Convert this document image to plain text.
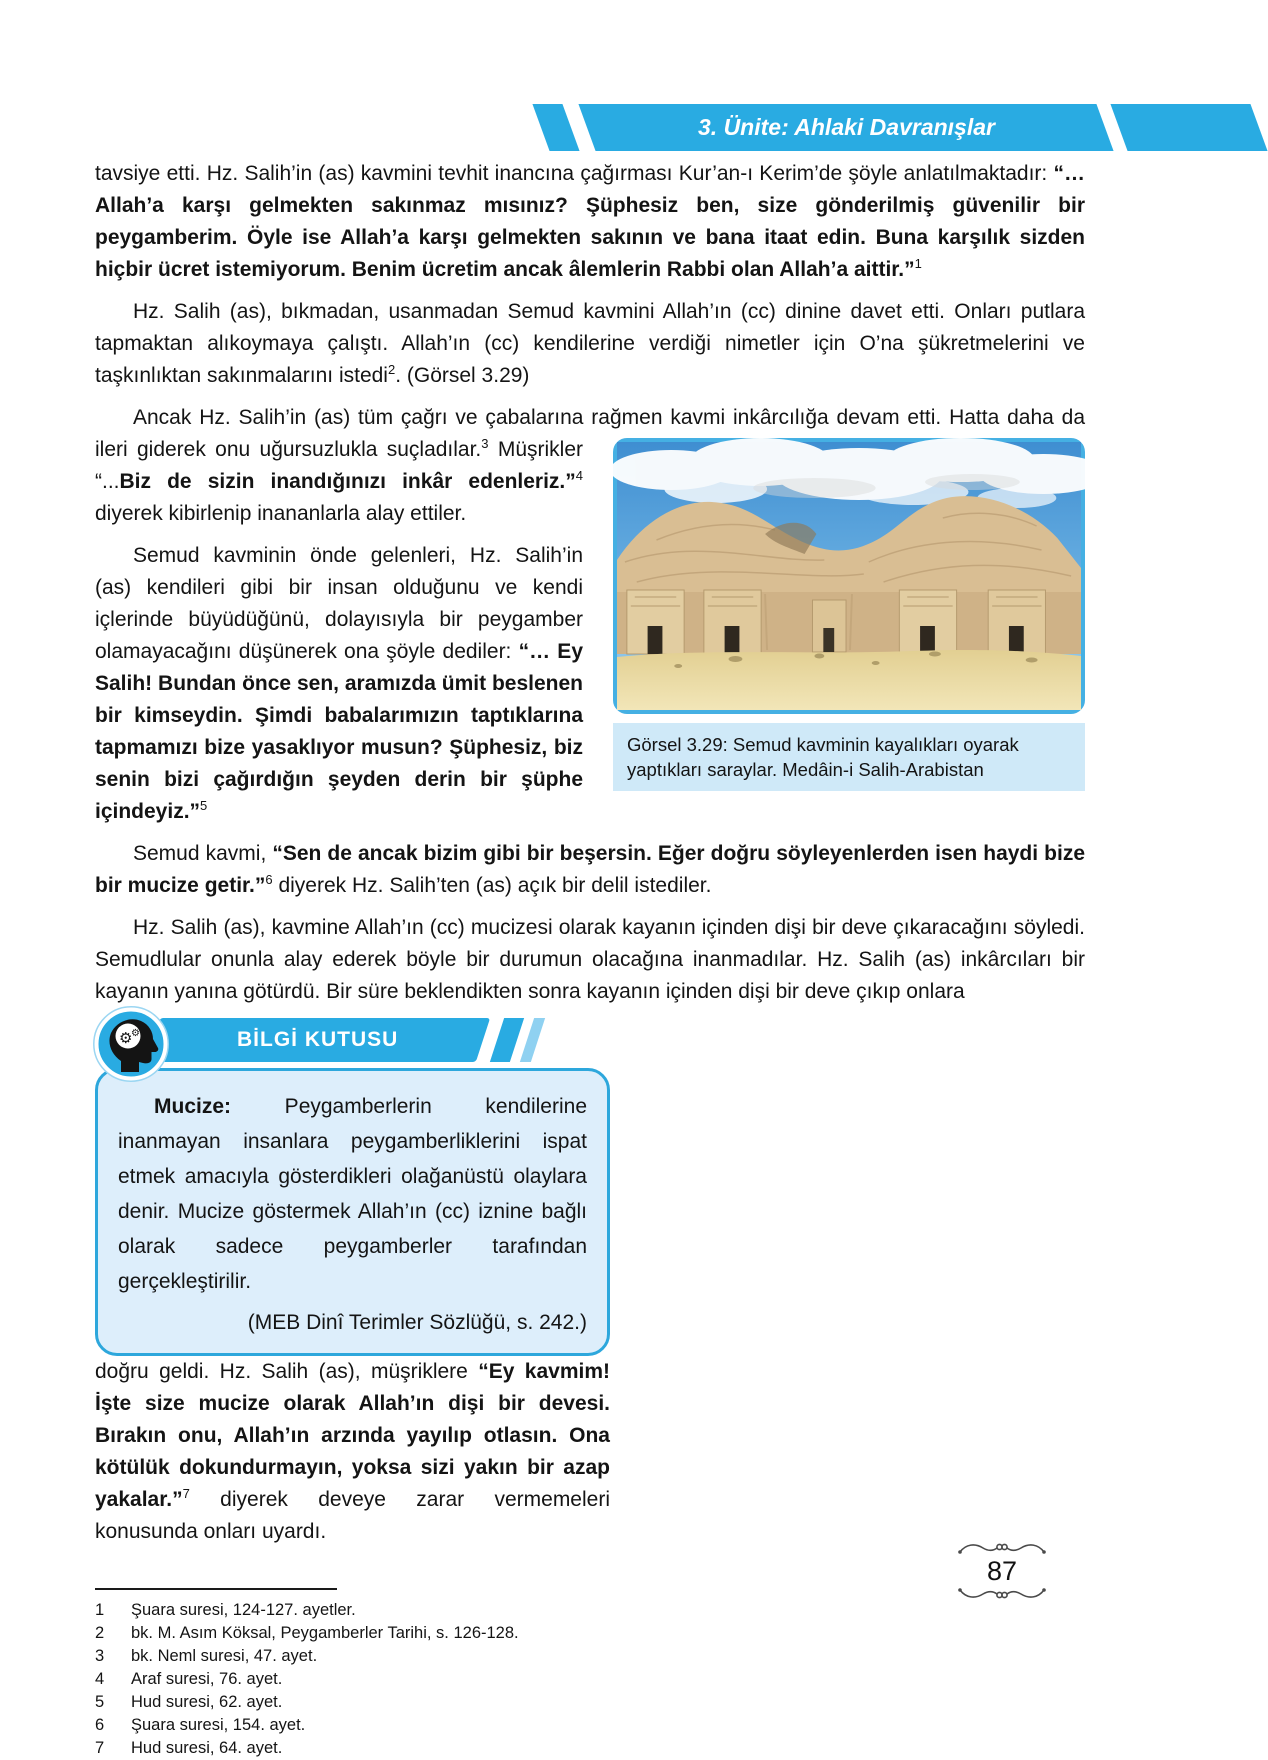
3. Ünite: Ahlaki Davranışlar

tavsiye etti. Hz. Salih’in (as) kavmini tevhit inancına çağırması Kur’an-ı Kerim’de şöyle anlatılmaktadır: “…Allah’a karşı gelmekten sakınmaz mısınız? Şüphesiz ben, size gönderilmiş güvenilir bir peygamberim. Öyle ise Allah’a karşı gelmekten sakının ve bana itaat edin. Buna karşılık sizden hiçbir ücret istemiyorum. Benim ücretim ancak âlemlerin Rabbi olan Allah’a aittir.”$^1$

Hz. Salih (as), bıkmadan, usanmadan Semud kavmini Allah’ın (cc) dinine davet etti. Onları putlara tapmaktan alıkoymaya çalıştı. Allah’ın (cc) kendilerine verdiği nimetler için O’na şükretmelerini ve taşkınlıktan sakınmalarını istedi$^2$. (Görsel 3.29)

Ancak Hz. Salih’in (as) tüm çağrı ve çabalarına rağmen kavmi inkârcılığa devam etti. Hatta daha da
Görsel 3.29: Semud kavminin kayalıkları oyarak yaptıkları saraylar. Medâin-i Salih-Arabistan
ileri giderek onu uğursuzlukla suçladılar.$^3$ Müşrikler “...Biz de sizin inandığınızı inkâr edenleriz.”$^4$ diyerek kibirlenip inananlarla alay ettiler.

Semud kavminin önde gelenleri, Hz. Salih’in (as) kendileri gibi bir insan olduğunu ve kendi içlerinde büyüdüğünü, dolayısıyla bir peygamber olamayacağını düşünerek ona şöyle dediler: “… Ey Salih! Bundan önce sen, aramızda ümit beslenen bir kimseydin. Şimdi babalarımızın taptıklarına tapmamızı bize yasaklıyor musun? Şüphesiz, biz senin bizi çağırdığın şeyden derin bir şüphe içindeyiz.”$^5$

Semud kavmi, “Sen de ancak bizim gibi bir beşersin. Eğer doğru söyleyenlerden isen haydi bize bir mucize getir.”$^6$ diyerek Hz. Salih’ten (as) açık bir delil istediler.

Hz. Salih (as), kavmine Allah’ın (cc) mucizesi olarak kayanın içinden dişi bir deve çıkaracağını söyledi. Semudlular onunla alay ederek böyle bir durumun olacağına inanmadılar. Hz. Salih (as) inkârcıları bir kayanın yanına götürdü. Bir süre beklendikten sonra kayanın içinden dişi bir deve çıkıp onlara
⚙
⚙	BİLGİ KUTUSU
Mucize: Peygamberlerin kendilerine inanmayan insanlara peygamberliklerini ispat etmek amacıyla gösterdikleri olağanüstü olaylara denir. Mucize göstermek Allah’ın (cc) iznine bağlı olarak sadece peygamberler tarafından gerçekleştirilir.
(MEB Dinî Terimler Sözlüğü, s. 242.)
doğru geldi. Hz. Salih (as), müşriklere “Ey kavmim! İşte size mucize olarak Allah’ın dişi bir devesi. Bırakın onu, Allah’ın arzında yayılıp otlasın. Ona kötülük dokundurmayın, yoksa sizi yakın bir azap yakalar.”$^7$ diyerek deveye zarar vermemeleri konusunda onları uyardı.

1 Şuara suresi, 124-127. ayetler.
2 bk. M. Asım Köksal, Peygamberler Tarihi, s. 126-128.
3 bk. Neml suresi, 47. ayet.
4 Araf suresi, 76. ayet.
5 Hud suresi, 62. ayet.
6 Şuara suresi, 154. ayet.
7 Hud suresi, 64. ayet.
87
